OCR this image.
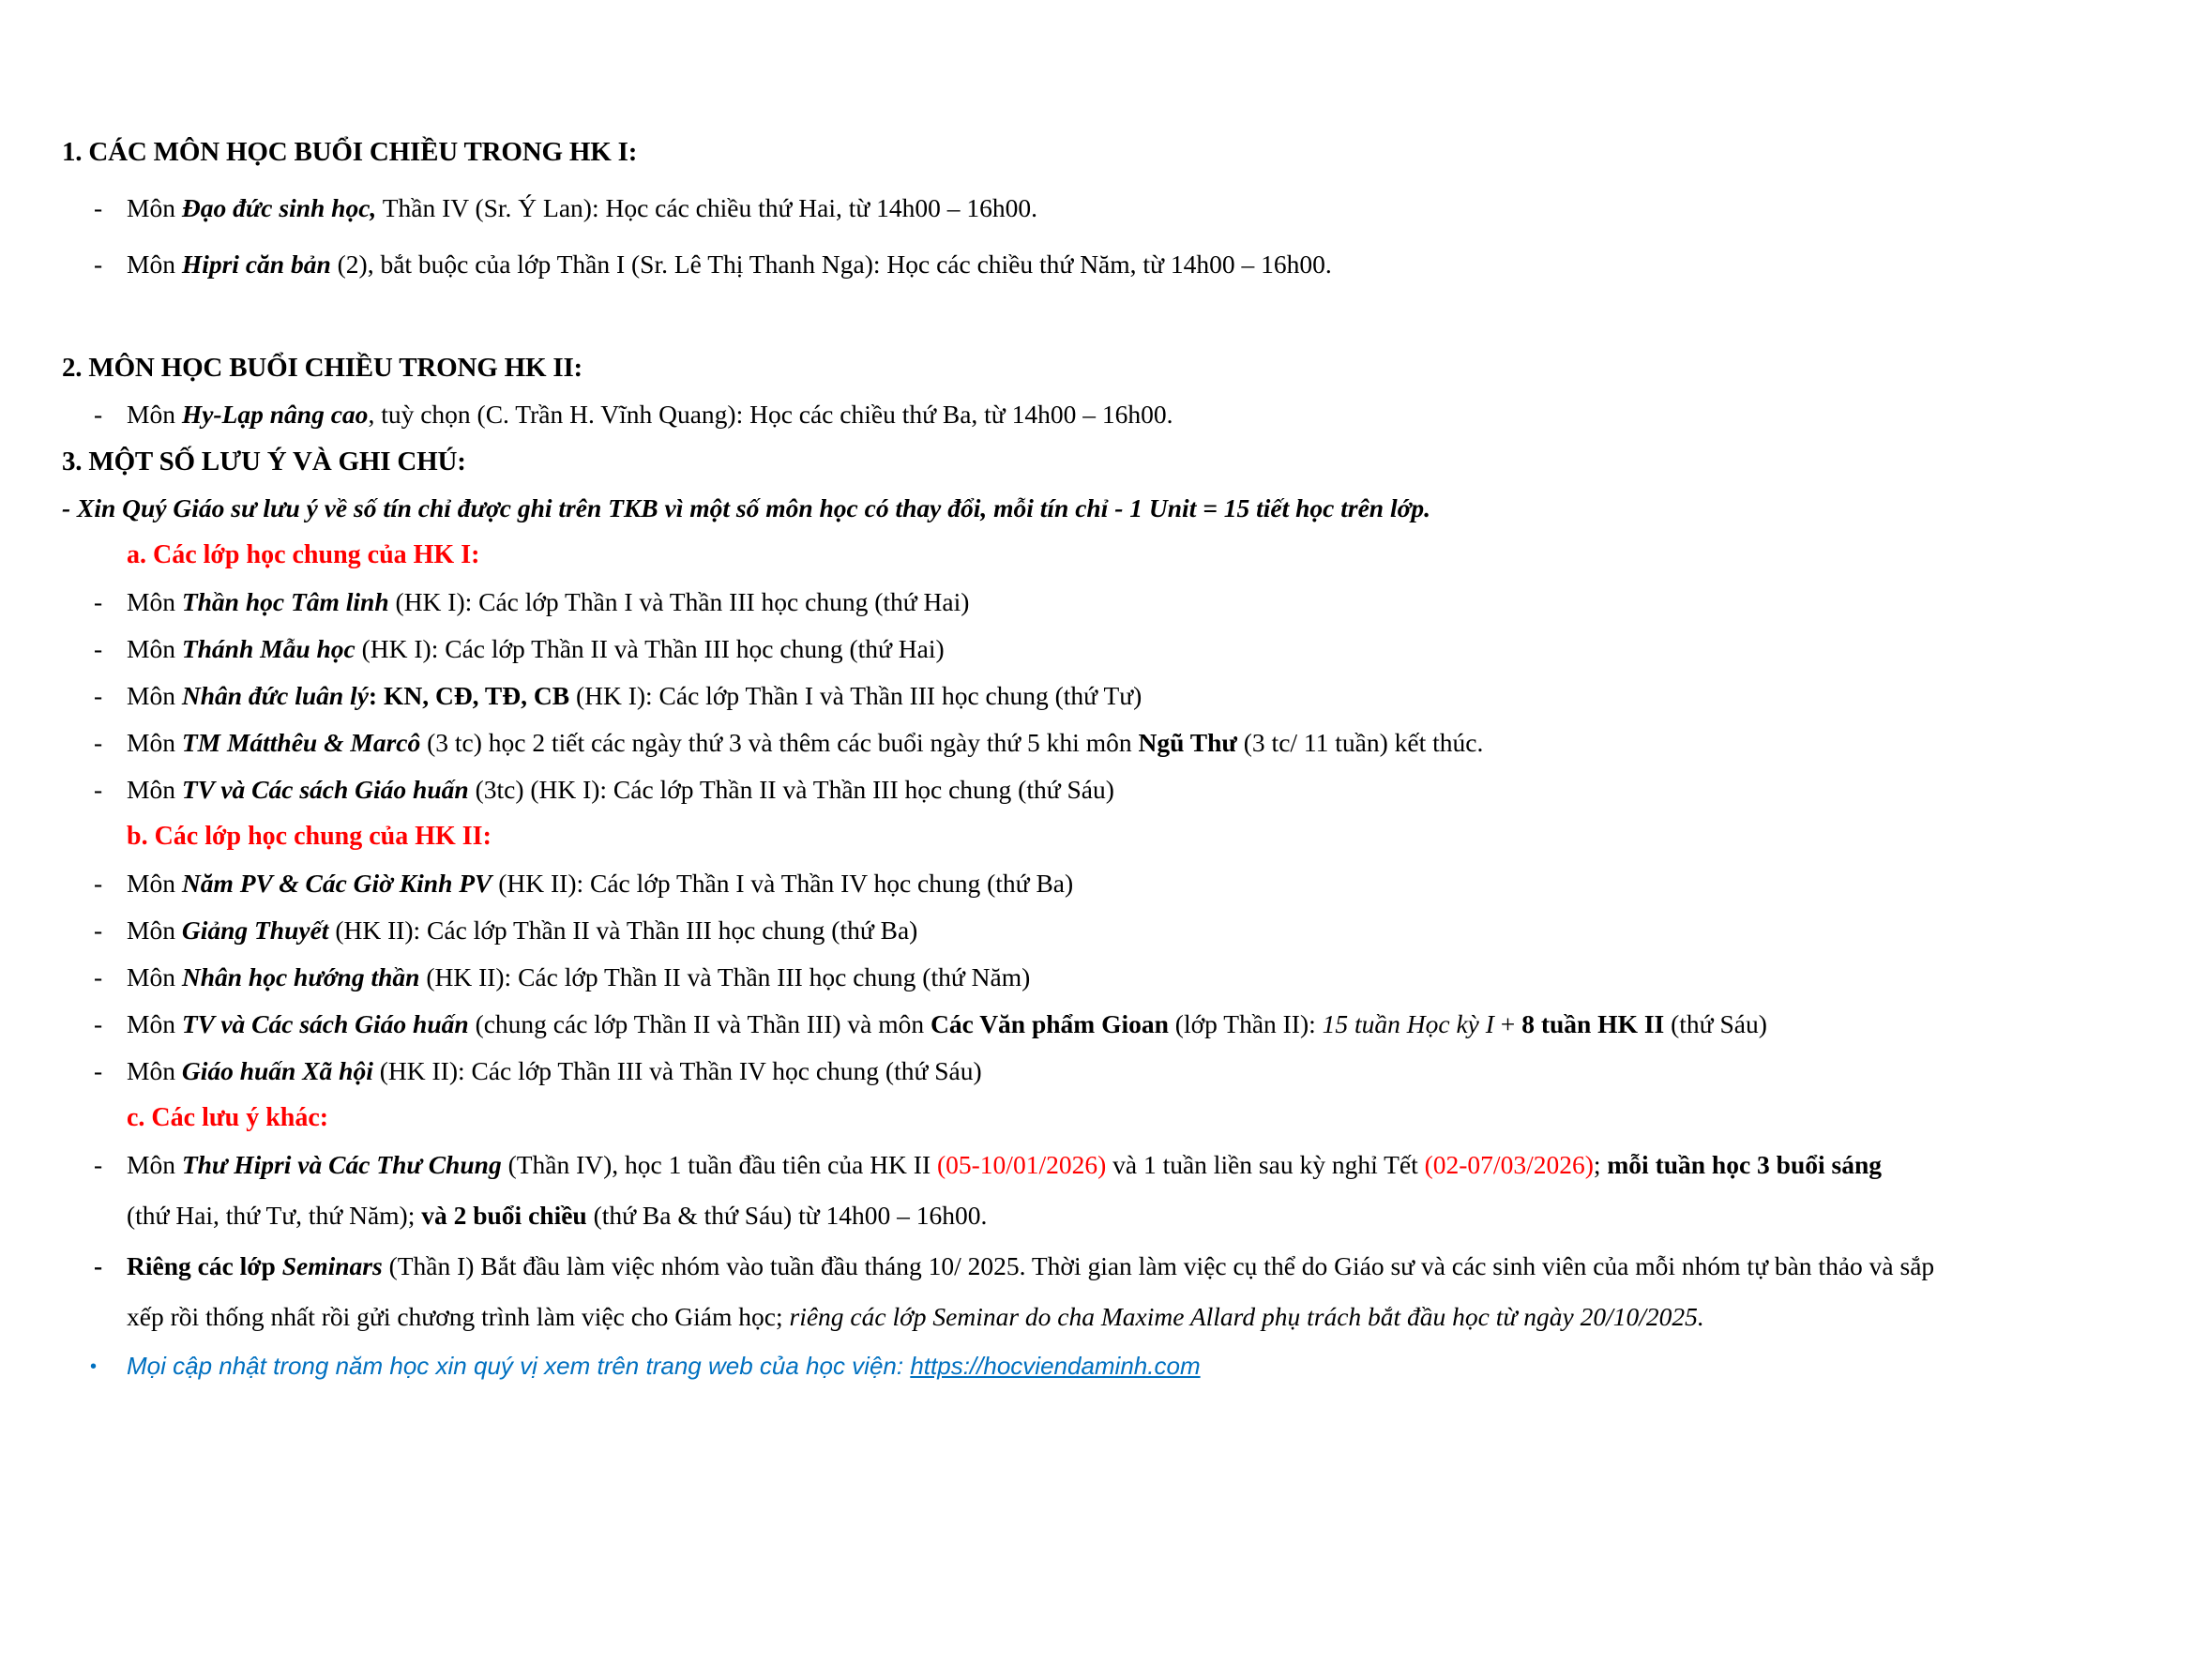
1. CÁC MÔN HỌC BUỔI CHIỀU TRONG HK I:
- Môn Đạo đức sinh học, Thần IV (Sr. Ý Lan): Học các chiều thứ Hai, từ 14h00 – 16h00.
- Môn Hipri căn bản (2), bắt buộc của lớp Thần I (Sr. Lê Thị Thanh Nga): Học các chiều thứ Năm, từ 14h00 – 16h00.
2. MÔN HỌC BUỔI CHIỀU TRONG HK II:
- Môn Hy-Lạp nâng cao, tuỳ chọn (C. Trần H. Vĩnh Quang): Học các chiều thứ Ba, từ 14h00 – 16h00.
3. MỘT SỐ LƯU Ý VÀ GHI CHÚ:
- Xin Quý Giáo sư lưu ý về số tín chỉ được ghi trên TKB vì một số môn học có thay đổi, mỗi tín chỉ - 1 Unit = 15 tiết học trên lớp.
a. Các lớp học chung của HK I:
- Môn Thần học Tâm linh (HK I): Các lớp Thần I và Thần III học chung (thứ Hai)
- Môn Thánh Mẫu học (HK I): Các lớp Thần II và Thần III học chung (thứ Hai)
- Môn Nhân đức luân lý: KN, CĐ, TĐ, CB (HK I): Các lớp Thần I và Thần III học chung (thứ Tư)
- Môn TM Mátthêu & Marcô (3 tc) học 2 tiết các ngày thứ 3 và thêm các buổi ngày thứ 5 khi môn Ngũ Thư (3 tc/ 11 tuần) kết thúc.
- Môn TV và Các sách Giáo huấn (3tc) (HK I): Các lớp Thần II và Thần III học chung (thứ Sáu)
b. Các lớp học chung của HK II:
- Môn Năm PV & Các Giờ Kinh PV (HK II): Các lớp Thần I và Thần IV học chung (thứ Ba)
- Môn Giảng Thuyết (HK II): Các lớp Thần II và Thần III học chung (thứ Ba)
- Môn Nhân học hướng thần (HK II): Các lớp Thần II và Thần III học chung (thứ Năm)
- Môn TV và Các sách Giáo huấn (chung các lớp Thần II và Thần III) và môn Các Văn phẩm Gioan (lớp Thần II): 15 tuần Học kỳ I + 8 tuần HK II (thứ Sáu)
- Môn Giáo huấn Xã hội (HK II): Các lớp Thần III và Thần IV học chung (thứ Sáu)
c. Các lưu ý khác:
- Môn Thư Hipri và Các Thư Chung (Thần IV), học 1 tuần đầu tiên của HK II (05-10/01/2026) và 1 tuần liền sau kỳ nghỉ Tết (02-07/03/2026); mỗi tuần học 3 buổi sáng
(thứ Hai, thứ Tư, thứ Năm); và 2 buổi chiều (thứ Ba & thứ Sáu) từ 14h00 – 16h00.
- Riêng các lớp Seminars (Thần I) Bắt đầu làm việc nhóm vào tuần đầu tháng 10/ 2025. Thời gian làm việc cụ thể do Giáo sư và các sinh viên của mỗi nhóm tự bàn thảo và sắp
xếp rồi thống nhất rồi gửi chương trình làm việc cho Giám học; riêng các lớp Seminar do cha Maxime Allard phụ trách bắt đầu học từ ngày 20/10/2025.
• Mọi cập nhật trong năm học xin quý vị xem trên trang web của học viện: https://hocviendaminh.com
